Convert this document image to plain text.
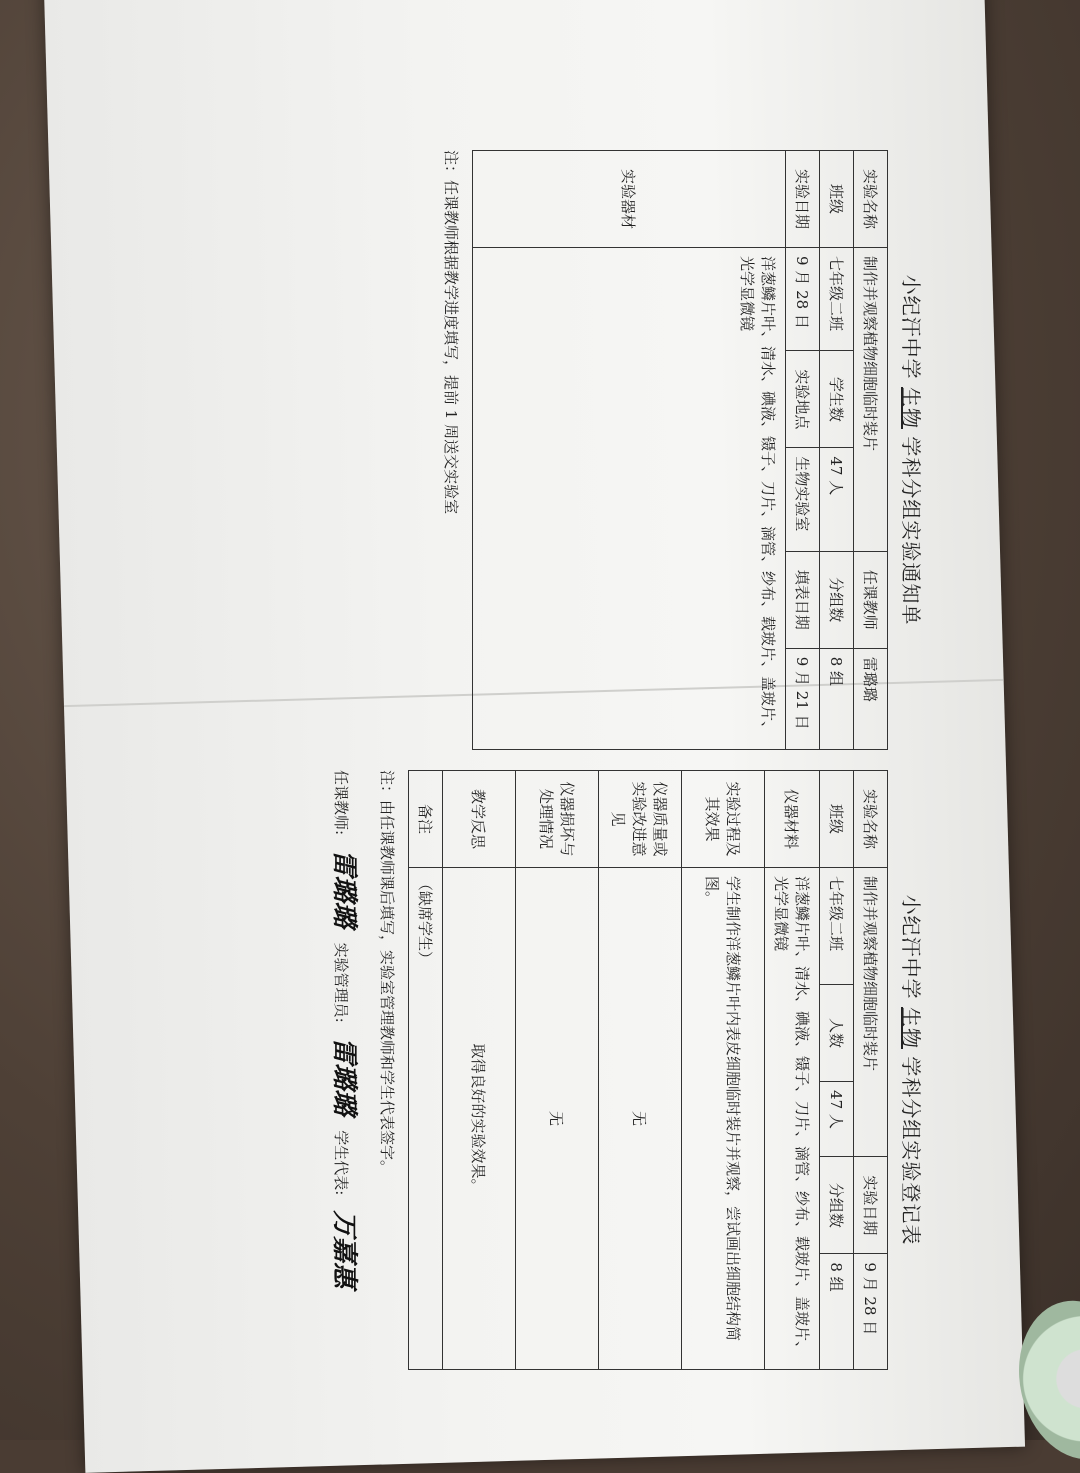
小纪汗中学 生物 学科分组实验通知单
实验名称	制作并观察植物细胞临时装片			任课教师	雷璐璐
班级	七年级二班	学生数	47 人	分组数	8 组
实验日期	9 月 28 日	实验地点	生物实验室	填表日期	9 月 21 日
实验器材	洋葱鳞片叶、清水、碘液、镊子、刀片、滴管、纱布、载玻片、盖玻片、光学显微镜				
注：任课教师根据教学进度填写，提前 1 周送交实验室
小纪汗中学 生物 学科分组实验登记表
实验名称	制作并观察植物细胞临时装片			实验日期	9 月 28 日
班级	七年级二班	人数	47 人	分组数	8 组
仪器材料	洋葱鳞片叶、清水、碘液、镊子、刀片、滴管、纱布、载玻片、盖玻片、光学显微镜				
实验过程及其效果	学生制作洋葱鳞片叶内表皮细胞临时装片并观察，尝试画出细胞结构简图。				
仪器质量或实验改进意见	无				
仪器损坏与处理情况	无				
教学反思	取得良好的实验效果。				
备注	（缺席学生）				
注：由任课教师课后填写，实验室管理教师和学生代表签字。
任课教师: 雷璐璐 实验管理员: 雷璐璐 学生代表: 万嘉惠
